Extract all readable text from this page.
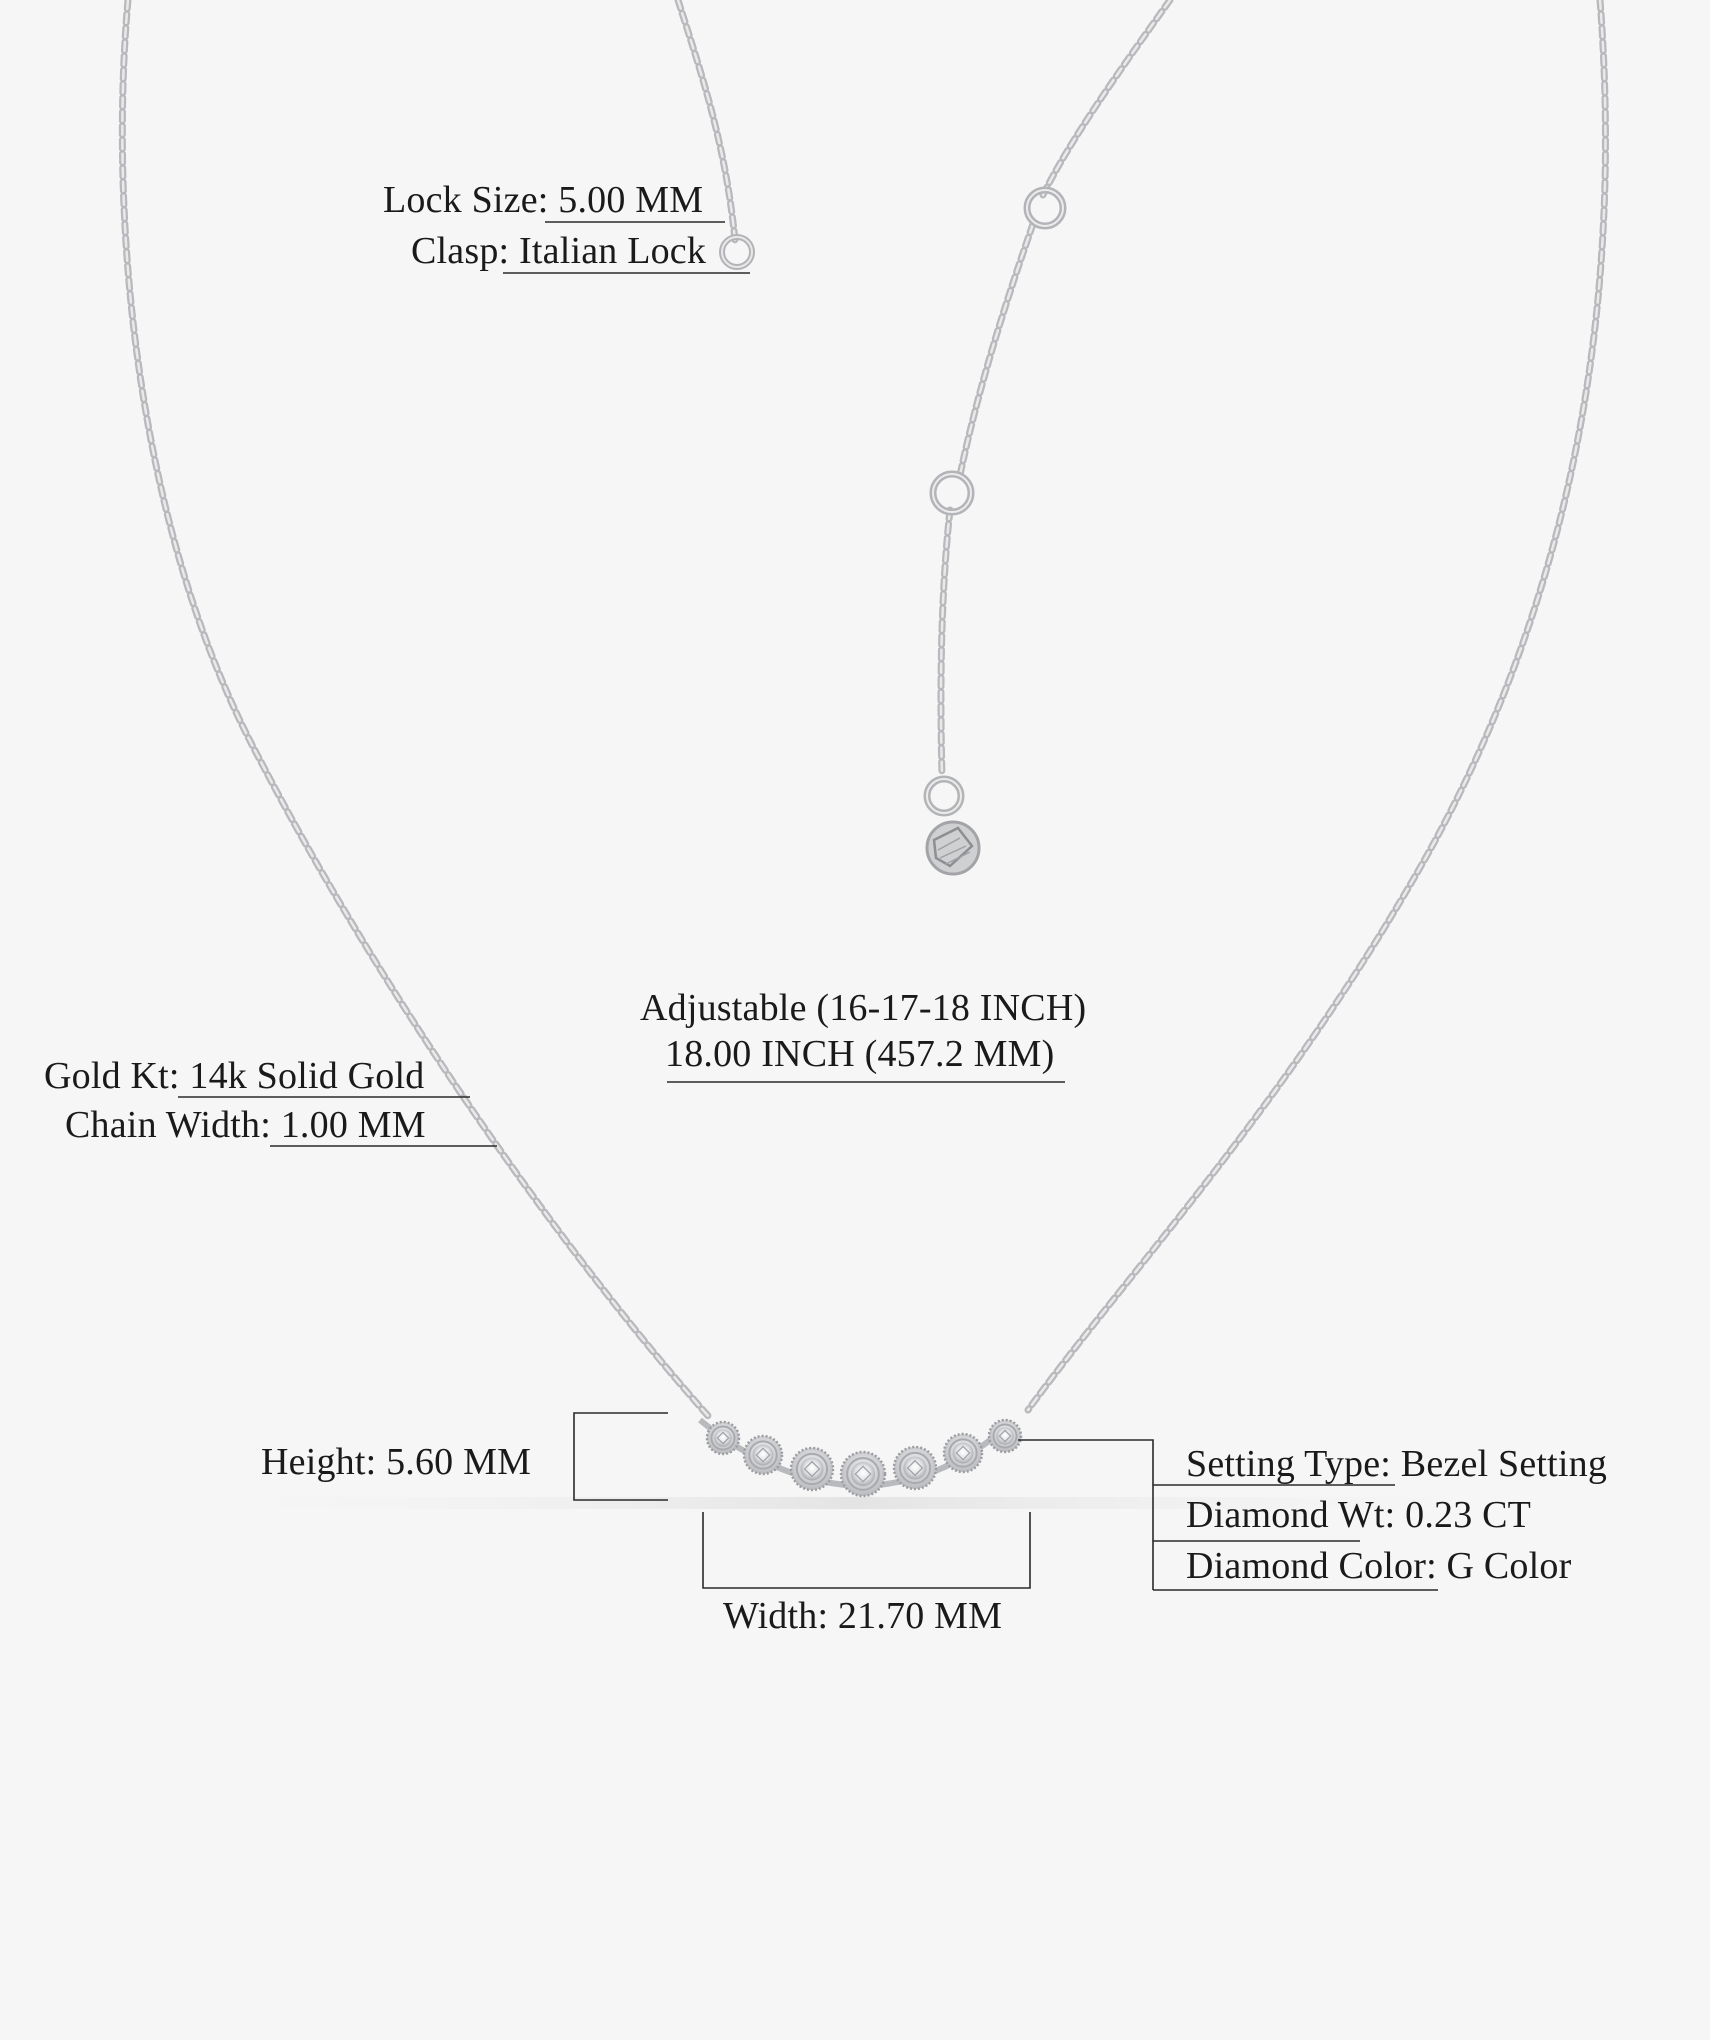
Lock Size: 5.00 MM
Clasp: Italian Lock
Adjustable (16-17-18 INCH)
18.00 INCH (457.2 MM)
Gold Kt: 14k Solid Gold
Chain Width: 1.00 MM
Height: 5.60 MM
Width: 21.70 MM
Setting Type: Bezel Setting
Diamond Wt: 0.23 CT
Diamond Color: G Color
